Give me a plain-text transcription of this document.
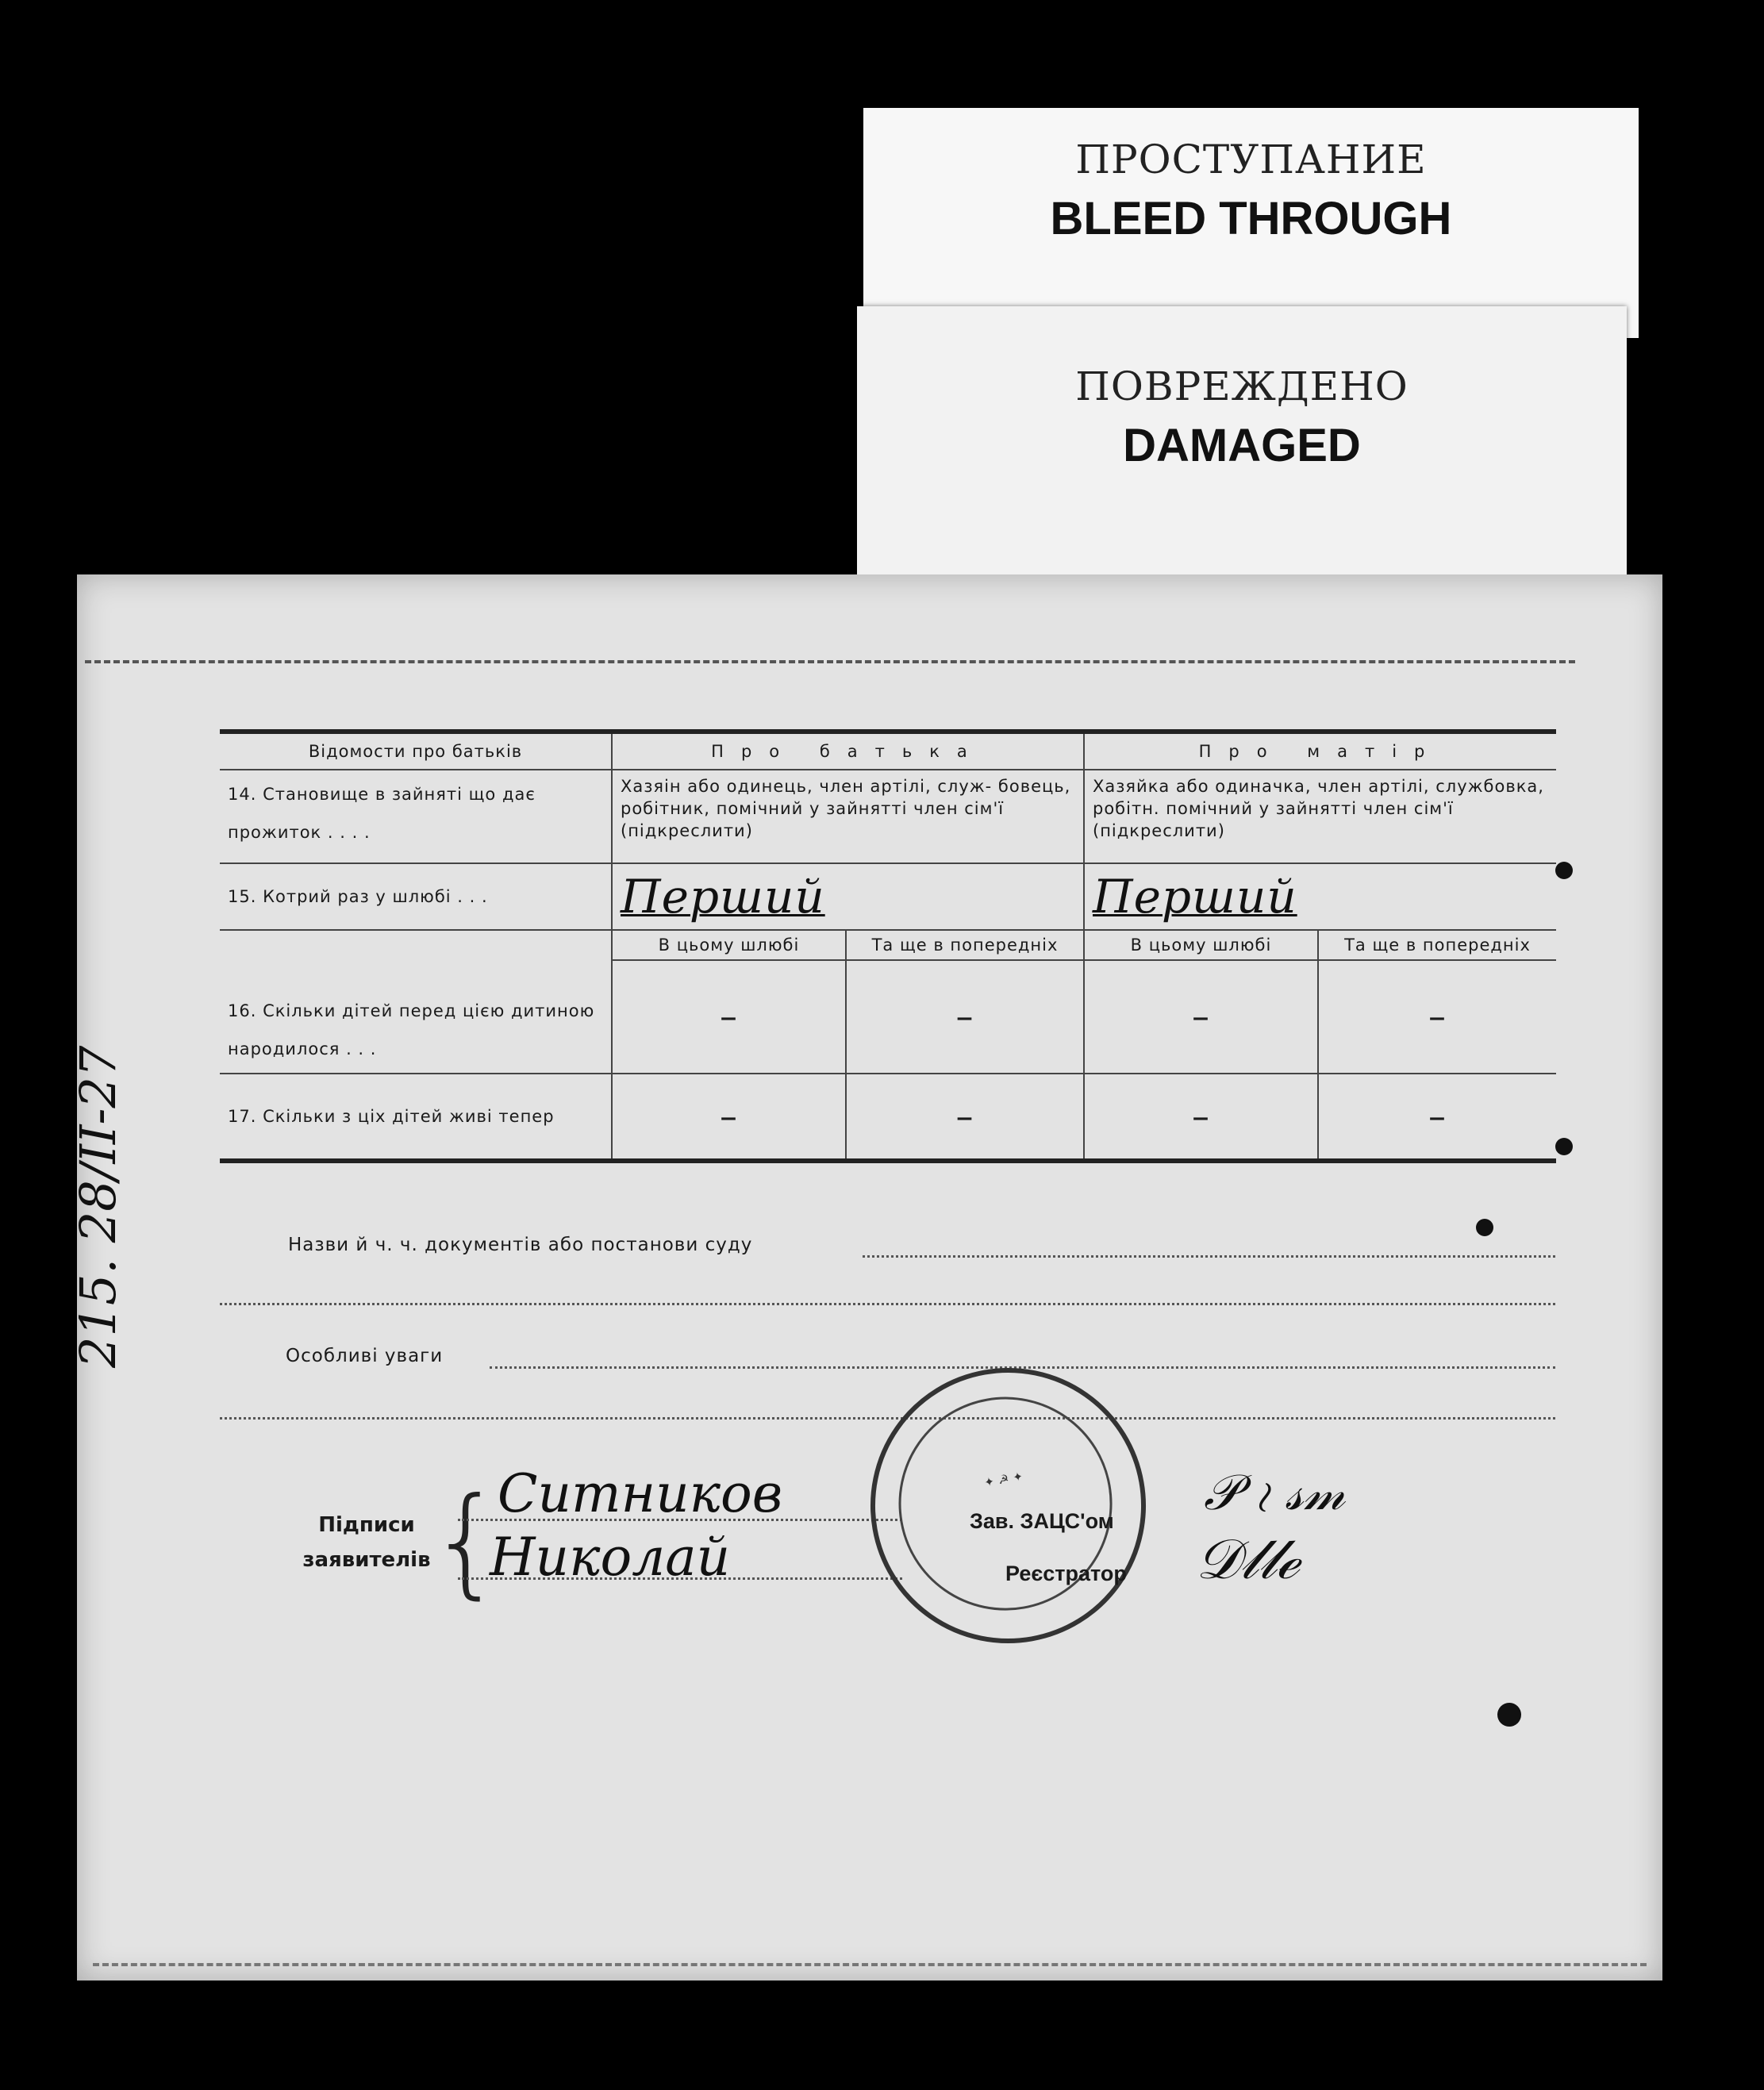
ПРОСТУПАНИЕ
BLEED THROUGH
ПОВРЕЖДЕНО
DAMAGED
Відомости про батьків	Про батька		Про матір	
14. Становище в зайняті що дає прожиток . . . .	Хазяін або одинець, член артілі, служ- бовець, робітник, помічний у зайнятті член сім'ї (підкреслити)		Хазяйка або одиначка, член артілі, службовка, робітн. помічний у зайнятті член сім'ї (підкреслити)	
15. Котрий раз у шлюбі . . .	Перший		Перший	
	В цьому шлюбі	Та ще в попередніх	В цьому шлюбі	Та ще в попередніх
16. Скільки дітей перед цією дитиною народилося . . .	–	–	–	–
17. Скільки з ціх дітей живі тепер	–	–	–	–
Назви й ч. ч. документів або постанови суду
Особливі уваги
Підписи заявителів
{
Ситников
Николай
✦ ☭ ✦
Зав. ЗАЦС'ом
Реєстратор
𝒫 ≀ 𝓈𝓂
𝒟𝓁𝓁ℯ
215. 28/II-27
